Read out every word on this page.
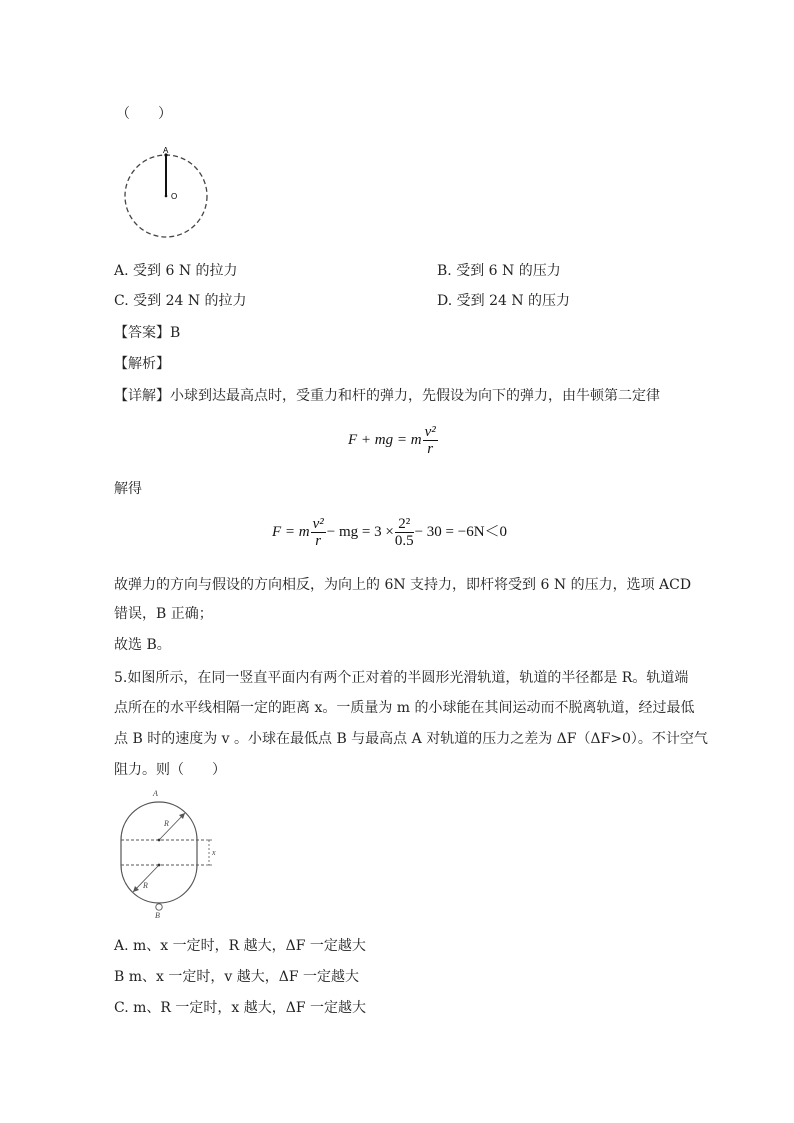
（　　）
A
O
A. 受到 6 N 的拉力	B. 受到 6 N 的压力
C. 受到 24 N 的拉力	D. 受到 24 N 的压力
【答案】B
【解析】
【详解】小球到达最高点时，受重力和杆的弹力，先假设为向下的弹力，由牛顿第二定律
F + mg = m $\frac{\text{v²}}{r}$
解得
F = m $\frac{\text{v²}}{r}$ − mg = $3 \times \frac{\text{2²}}{0.5} - 30 = -6N<0$
故弹力的方向与假设的方向相反，为向上的 6N 支持力，即杆将受到 6 N 的压力，选项 ACD
错误，B 正确；
故选 B。
5.如图所示，在同一竖直平面内有两个正对着的半圆形光滑轨道，轨道的半径都是 R。轨道端
点所在的水平线相隔一定的距离 x。一质量为 m 的小球能在其间运动而不脱离轨道，经过最低
点 B 时的速度为 v 。小球在最低点 B 与最高点 A 对轨道的压力之差为 ΔF（ΔF>0）。不计空气
阻力。则（　　）
A
B
R
R
x
A. m、x 一定时，R 越大，ΔF 一定越大
B m、x 一定时，v 越大，ΔF 一定越大
C. m、R 一定时，x 越大，ΔF 一定越大
